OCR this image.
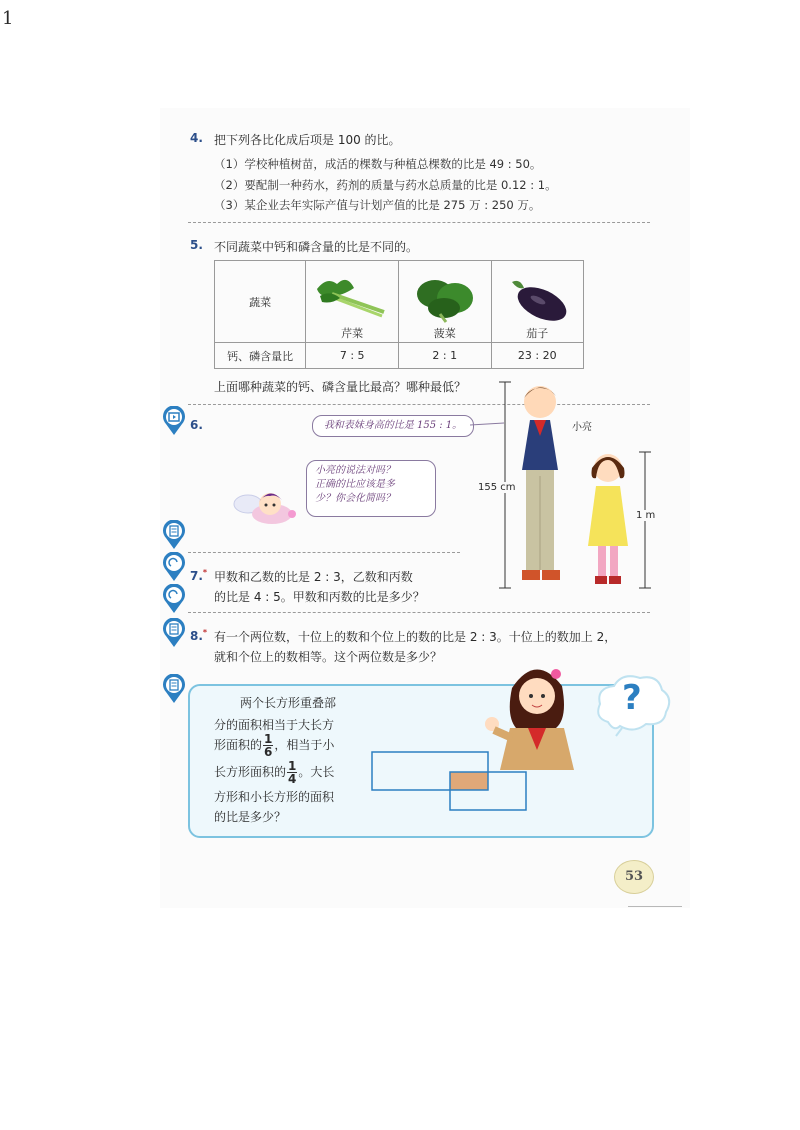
1
4. 把下列各比化成后项是 100 的比。
（1）学校种植树苗，成活的棵数与种植总棵数的比是 49 : 50。
（2）要配制一种药水，药剂的质量与药水总质量的比是 0.12 : 1。
（3）某企业去年实际产值与计划产值的比是 275 万 : 250 万。
5. 不同蔬菜中钙和磷含量的比是不同的。
蔬菜	芹菜	菠菜	茄子

钙、磷含量比	7 : 5	2 : 1	23 : 20
上面哪种蔬菜的钙、磷含量比最高？哪种最低？
6.	我和表妹身高的比是 155 : 1。
小亮的说法对吗？
正确的比应该是多
少？你会化简吗？
155 cm
1 m
小亮
7.* 甲数和乙数的比是 2 : 3，乙数和丙数
的比是 4 : 5。甲数和丙数的比是多少？
8.* 有一个两位数，十位上的数和个位上的数的比是 2 : 3。十位上的数加上 2，
就和个位上的数相等。这个两位数是多少？
两个长方形重叠部
分的面积相当于大长方
形面积的 $\frac{1}{6}$ ，相当于小
长方形面积的 $\frac{1}{4}$ 。大长
方形和小长方形的面积
的比是多少？
?
53
